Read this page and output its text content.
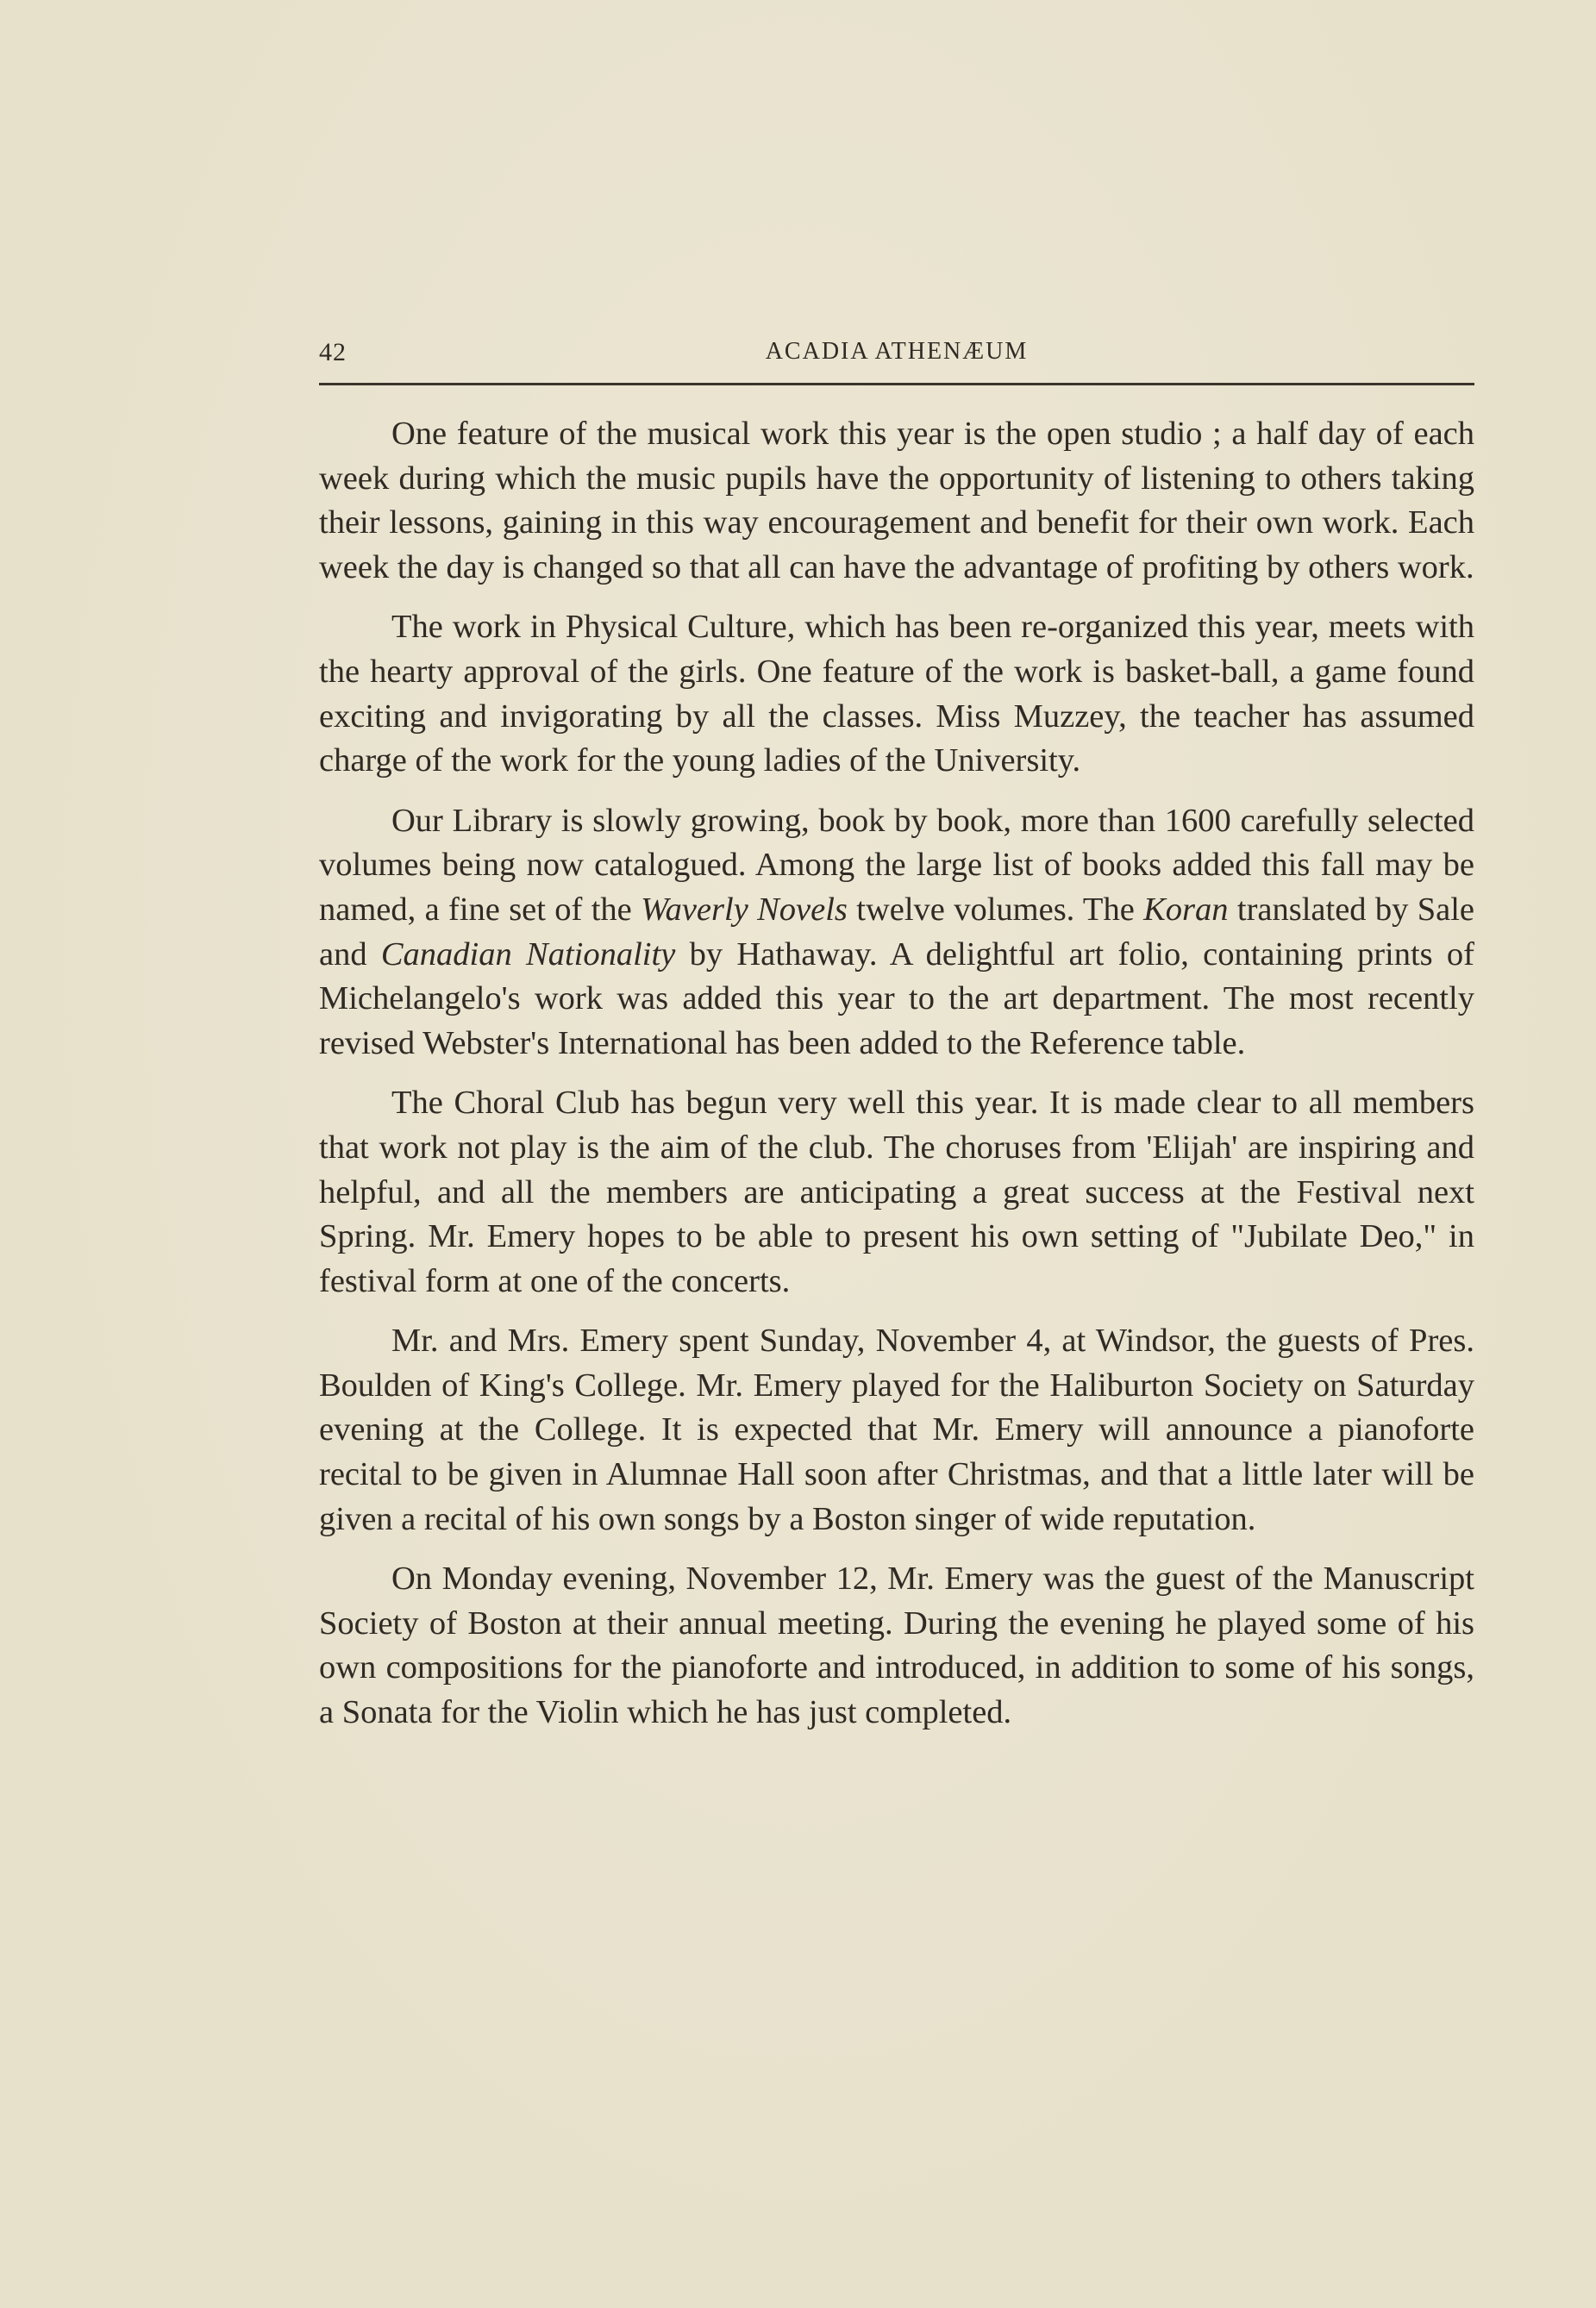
42	ACADIA ATHENÆUM

One feature of the musical work this year is the open studio ; a half day of each week during which the music pupils have the opportunity of listening to others taking their lessons, gaining in this way encouragement and benefit for their own work. Each week the day is changed so that all can have the advantage of profiting by others work.

The work in Physical Culture, which has been re-organized this year, meets with the hearty approval of the girls. One feature of the work is basket-ball, a game found exciting and invigorating by all the classes. Miss Muzzey, the teacher has assumed charge of the work for the young ladies of the University.

Our Library is slowly growing, book by book, more than 1600 carefully selected volumes being now catalogued. Among the large list of books added this fall may be named, a fine set of the Waverly Novels twelve volumes. The Koran translated by Sale and Canadian Nationality by Hathaway. A delightful art folio, containing prints of Michelangelo's work was added this year to the art department. The most recently revised Webster's International has been added to the Reference table.

The Choral Club has begun very well this year. It is made clear to all members that work not play is the aim of the club. The choruses from 'Elijah' are inspiring and helpful, and all the members are anticipating a great success at the Festival next Spring. Mr. Emery hopes to be able to present his own setting of "Jubilate Deo," in festival form at one of the concerts.

Mr. and Mrs. Emery spent Sunday, November 4, at Windsor, the guests of Pres. Boulden of King's College. Mr. Emery played for the Haliburton Society on Saturday evening at the College. It is expected that Mr. Emery will announce a pianoforte recital to be given in Alumnae Hall soon after Christmas, and that a little later will be given a recital of his own songs by a Boston singer of wide reputation.

On Monday evening, November 12, Mr. Emery was the guest of the Manuscript Society of Boston at their annual meeting. During the evening he played some of his own compositions for the pianoforte and introduced, in addition to some of his songs, a Sonata for the Violin which he has just completed.
